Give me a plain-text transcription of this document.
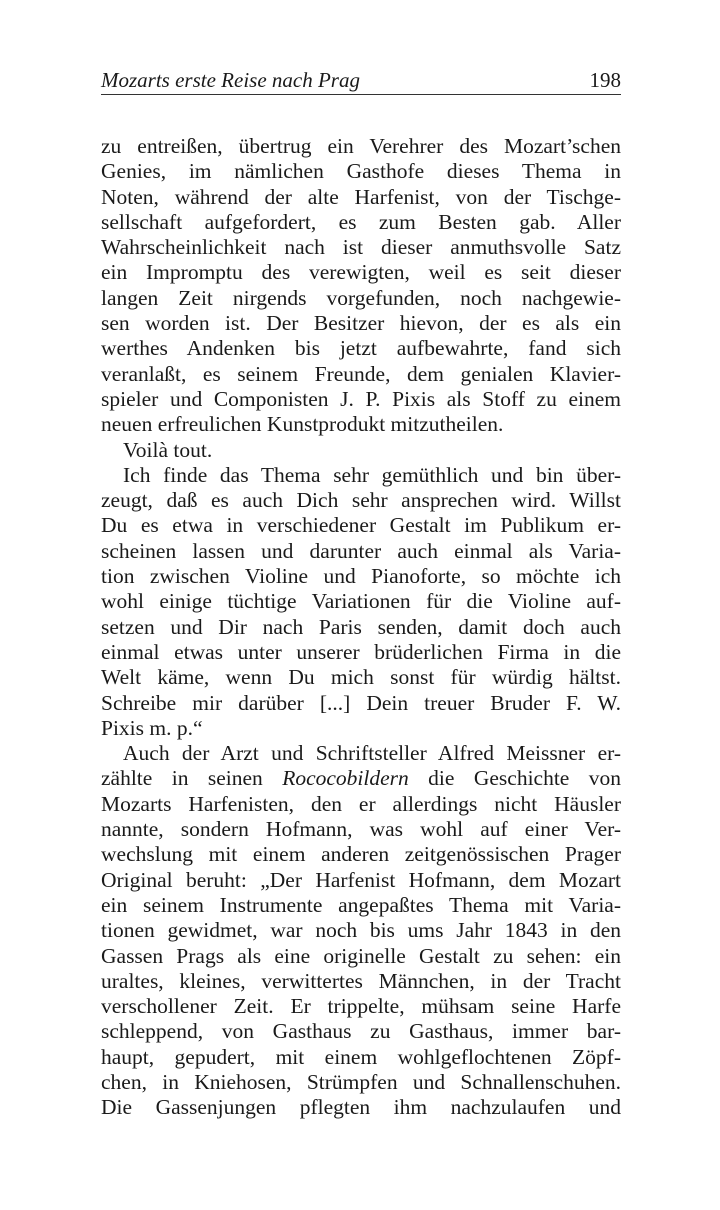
Mozarts erste Reise nach Prag	198
zu entreißen, übertrug ein Verehrer des Mozart’schen
Genies, im nämlichen Gasthofe dieses Thema in
Noten, während der alte Harfenist, von der Tischge-
sellschaft aufgefordert, es zum Besten gab. Aller
Wahrscheinlichkeit nach ist dieser anmuthsvolle Satz
ein Impromptu des verewigten, weil es seit dieser
langen Zeit nirgends vorgefunden, noch nachgewie-
sen worden ist. Der Besitzer hievon, der es als ein
werthes Andenken bis jetzt aufbewahrte, fand sich
veranlaßt, es seinem Freunde, dem genialen Klavier-
spieler und Componisten J. P. Pixis als Stoff zu einem
neuen erfreulichen Kunstprodukt mitzutheilen.
Voilà tout.
Ich finde das Thema sehr gemüthlich und bin über-
zeugt, daß es auch Dich sehr ansprechen wird. Willst
Du es etwa in verschiedener Gestalt im Publikum er-
scheinen lassen und darunter auch einmal als Varia-
tion zwischen Violine und Pianoforte, so möchte ich
wohl einige tüchtige Variationen für die Violine auf-
setzen und Dir nach Paris senden, damit doch auch
einmal etwas unter unserer brüderlichen Firma in die
Welt käme, wenn Du mich sonst für würdig hältst.
Schreibe mir darüber [...] Dein treuer Bruder F. W.
Pixis m. p.“
Auch der Arzt und Schriftsteller Alfred Meissner er-
zählte in seinen Rococobildern die Geschichte von
Mozarts Harfenisten, den er allerdings nicht Häusler
nannte, sondern Hofmann, was wohl auf einer Ver-
wechslung mit einem anderen zeitgenössischen Prager
Original beruht: „Der Harfenist Hofmann, dem Mozart
ein seinem Instrumente angepaßtes Thema mit Varia-
tionen gewidmet, war noch bis ums Jahr 1843 in den
Gassen Prags als eine originelle Gestalt zu sehen: ein
uraltes, kleines, verwittertes Männchen, in der Tracht
verschollener Zeit. Er trippelte, mühsam seine Harfe
schleppend, von Gasthaus zu Gasthaus, immer bar-
haupt, gepudert, mit einem wohlgeflochtenen Zöpf-
chen, in Kniehosen, Strümpfen und Schnallenschuhen.
Die Gassenjungen pflegten ihm nachzulaufen und
